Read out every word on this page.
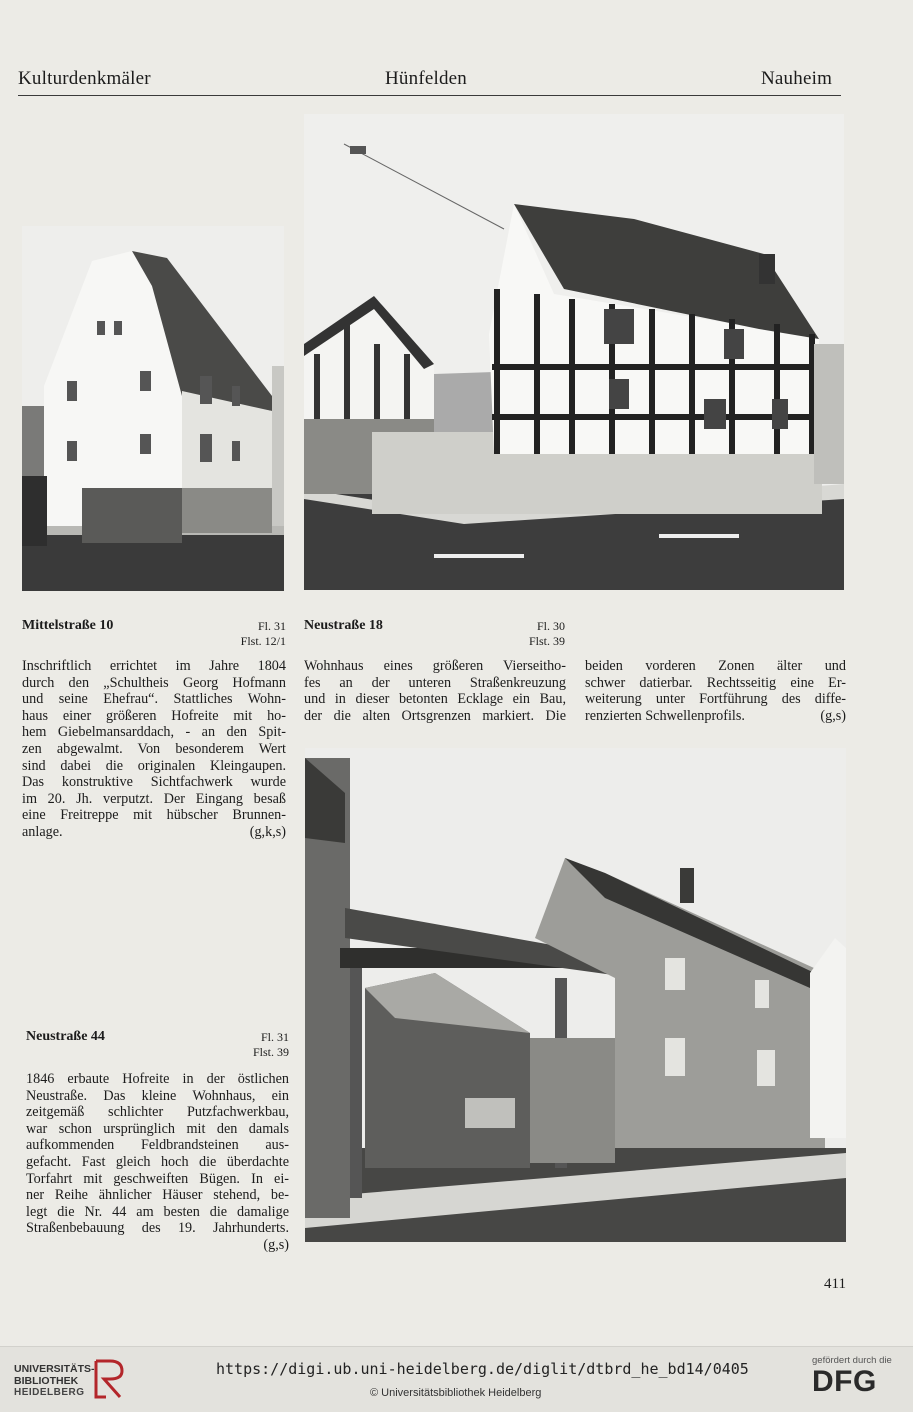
Kulturdenkmäler	Hünfelden	Nauheim
Mittelstraße 10	Fl. 31
Flst. 12/1
Inschriftlich errichtet im Jahre 1804
durch den „Schultheis Georg Hofmann
und seine Ehefrau“. Stattliches Wohn-
haus einer größeren Hofreite mit ho-
hem Giebelmansarddach, - an den Spit-
zen abgewalmt. Von besonderem Wert
sind dabei die originalen Kleingaupen.
Das konstruktive Sichtfachwerk wurde
im 20. Jh. verputzt. Der Eingang besaß
eine Freitreppe mit hübscher Brunnen-
anlage.	(g,k,s)
Neustraße 18	Fl. 30
Flst. 39
Wohnhaus eines größeren Vierseitho-
fes an der unteren Straßenkreuzung
und in dieser betonten Ecklage ein Bau,
der die alten Ortsgrenzen markiert. Die
beiden vorderen Zonen älter und
schwer datierbar. Rechtsseitig eine Er-
weiterung unter Fortführung des diffe-
renzierten Schwellenprofils.	(g,s)
Neustraße 44	Fl. 31
Flst. 39
1846 erbaute Hofreite in der östlichen
Neustraße. Das kleine Wohnhaus, ein
zeitgemäß schlichter Putzfachwerkbau,
war schon ursprünglich mit den damals
aufkommenden Feldbrandsteinen aus-
gefacht. Fast gleich hoch die überdachte
Torfahrt mit geschweiften Bügen. In ei-
ner Reihe ähnlicher Häuser stehend, be-
legt die Nr. 44 am besten die damalige
Straßenbebauung des 19. Jahrhunderts.
(g,s)
411
UNIVERSITÄTS-
BIBLIOTHEK
HEIDELBERG
https://digi.ub.uni-heidelberg.de/diglit/dtbrd_he_bd14/0405
© Universitätsbibliothek Heidelberg
gefördert durch die
DFG
